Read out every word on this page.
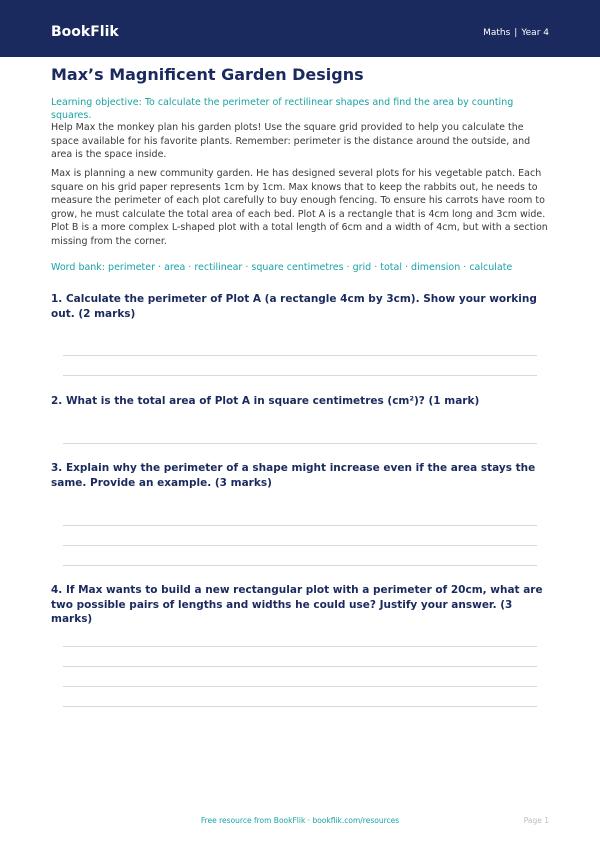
BookFlik	Maths | Year 4
Max’s Magnificent Garden Designs
Learning objective: To calculate the perimeter of rectilinear shapes and find the area by counting squares.

Help Max the monkey plan his garden plots! Use the square grid provided to help you calculate the space available for his favorite plants. Remember: perimeter is the distance around the outside, and area is the space inside.

Max is planning a new community garden. He has designed several plots for his vegetable patch. Each square on his grid paper represents 1cm by 1cm. Max knows that to keep the rabbits out, he needs to measure the perimeter of each plot carefully to buy enough fencing. To ensure his carrots have room to grow, he must calculate the total area of each bed. Plot A is a rectangle that is 4cm long and 3cm wide. Plot B is a more complex L-shaped plot with a total length of 6cm and a width of 4cm, but with a section missing from the corner.

Word bank: perimeter · area · rectilinear · square centimetres · grid · total · dimension · calculate

1. Calculate the perimeter of Plot A (a rectangle 4cm by 3cm). Show your working out. (2 marks)

2. What is the total area of Plot A in square centimetres (cm²)? (1 mark)

3. Explain why the perimeter of a shape might increase even if the area stays the same. Provide an example. (3 marks)

4. If Max wants to build a new rectangular plot with a perimeter of 20cm, what are two possible pairs of lengths and widths he could use? Justify your answer. (3 marks)

Free resource from BookFlik · bookflik.com/resources	Page 1
